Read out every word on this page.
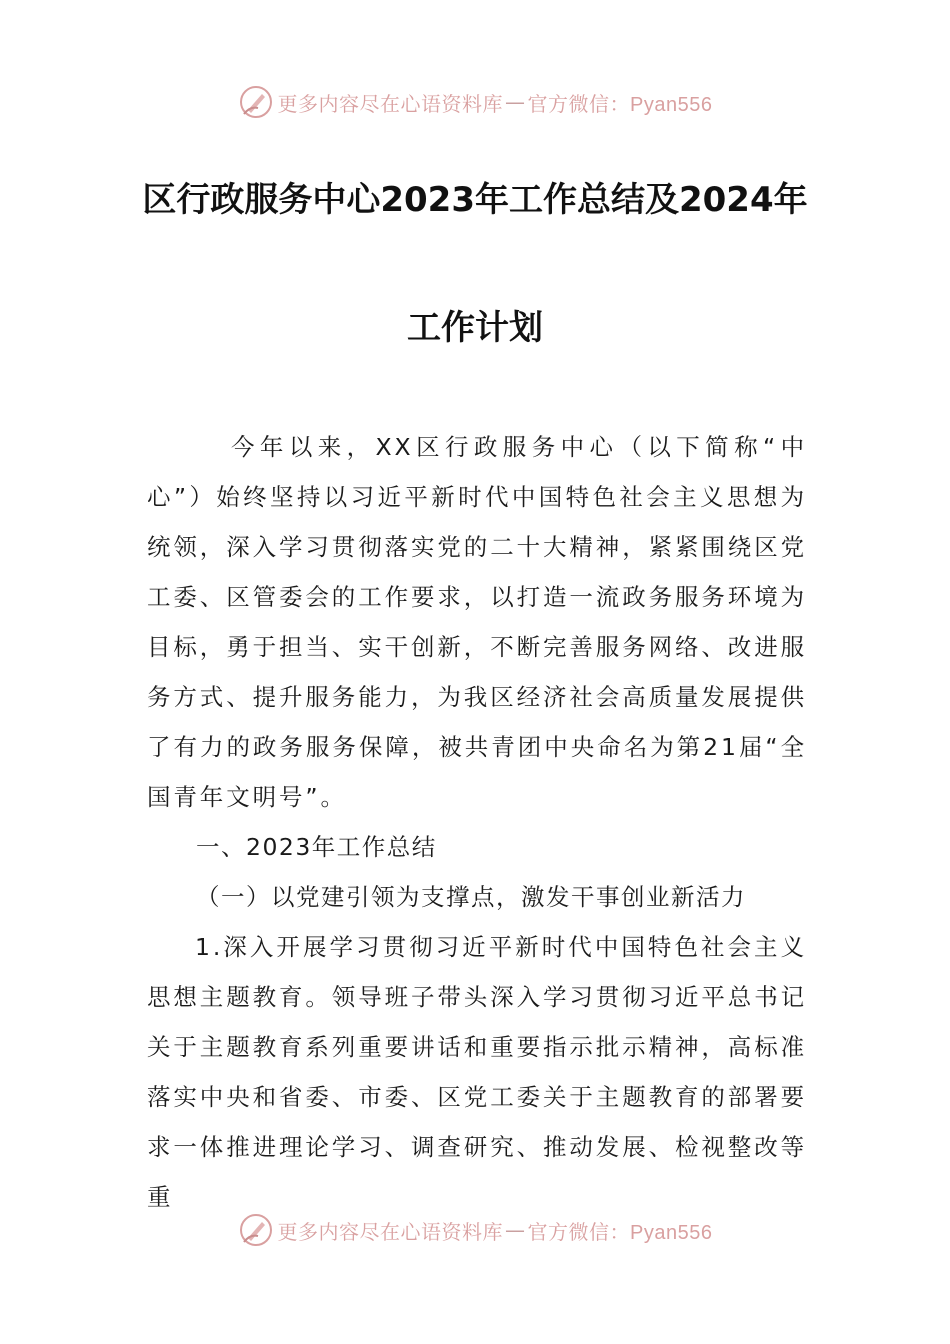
更多内容尽在心语资料库 — 官方微信：Pyan556
区行政服务中心2023年工作总结及2024年
工作计划
今年以来，XX区行政服务中心（以下简称“中心”）始终坚持以习近平新时代中国特色社会主义思想为统领，深入学习贯彻落实党的二十大精神，紧紧围绕区党工委、区管委会的工作要求，以打造一流政务服务环境为目标，勇于担当、实干创新，不断完善服务网络、改进服务方式、提升服务能力，为我区经济社会高质量发展提供了有力的政务服务保障，被共青团中央命名为第21届“全国青年文明号”。
一、2023年工作总结
（一）以党建引领为支撑点，激发干事创业新活力
1.深入开展学习贯彻习近平新时代中国特色社会主义思想主题教育。领导班子带头深入学习贯彻习近平总书记关于主题教育系列重要讲话和重要指示批示精神，高标准落实中央和省委、市委、区党工委关于主题教育的部署要求一体推进理论学习、调查研究、推动发展、检视整改等重
更多内容尽在心语资料库 — 官方微信：Pyan556
